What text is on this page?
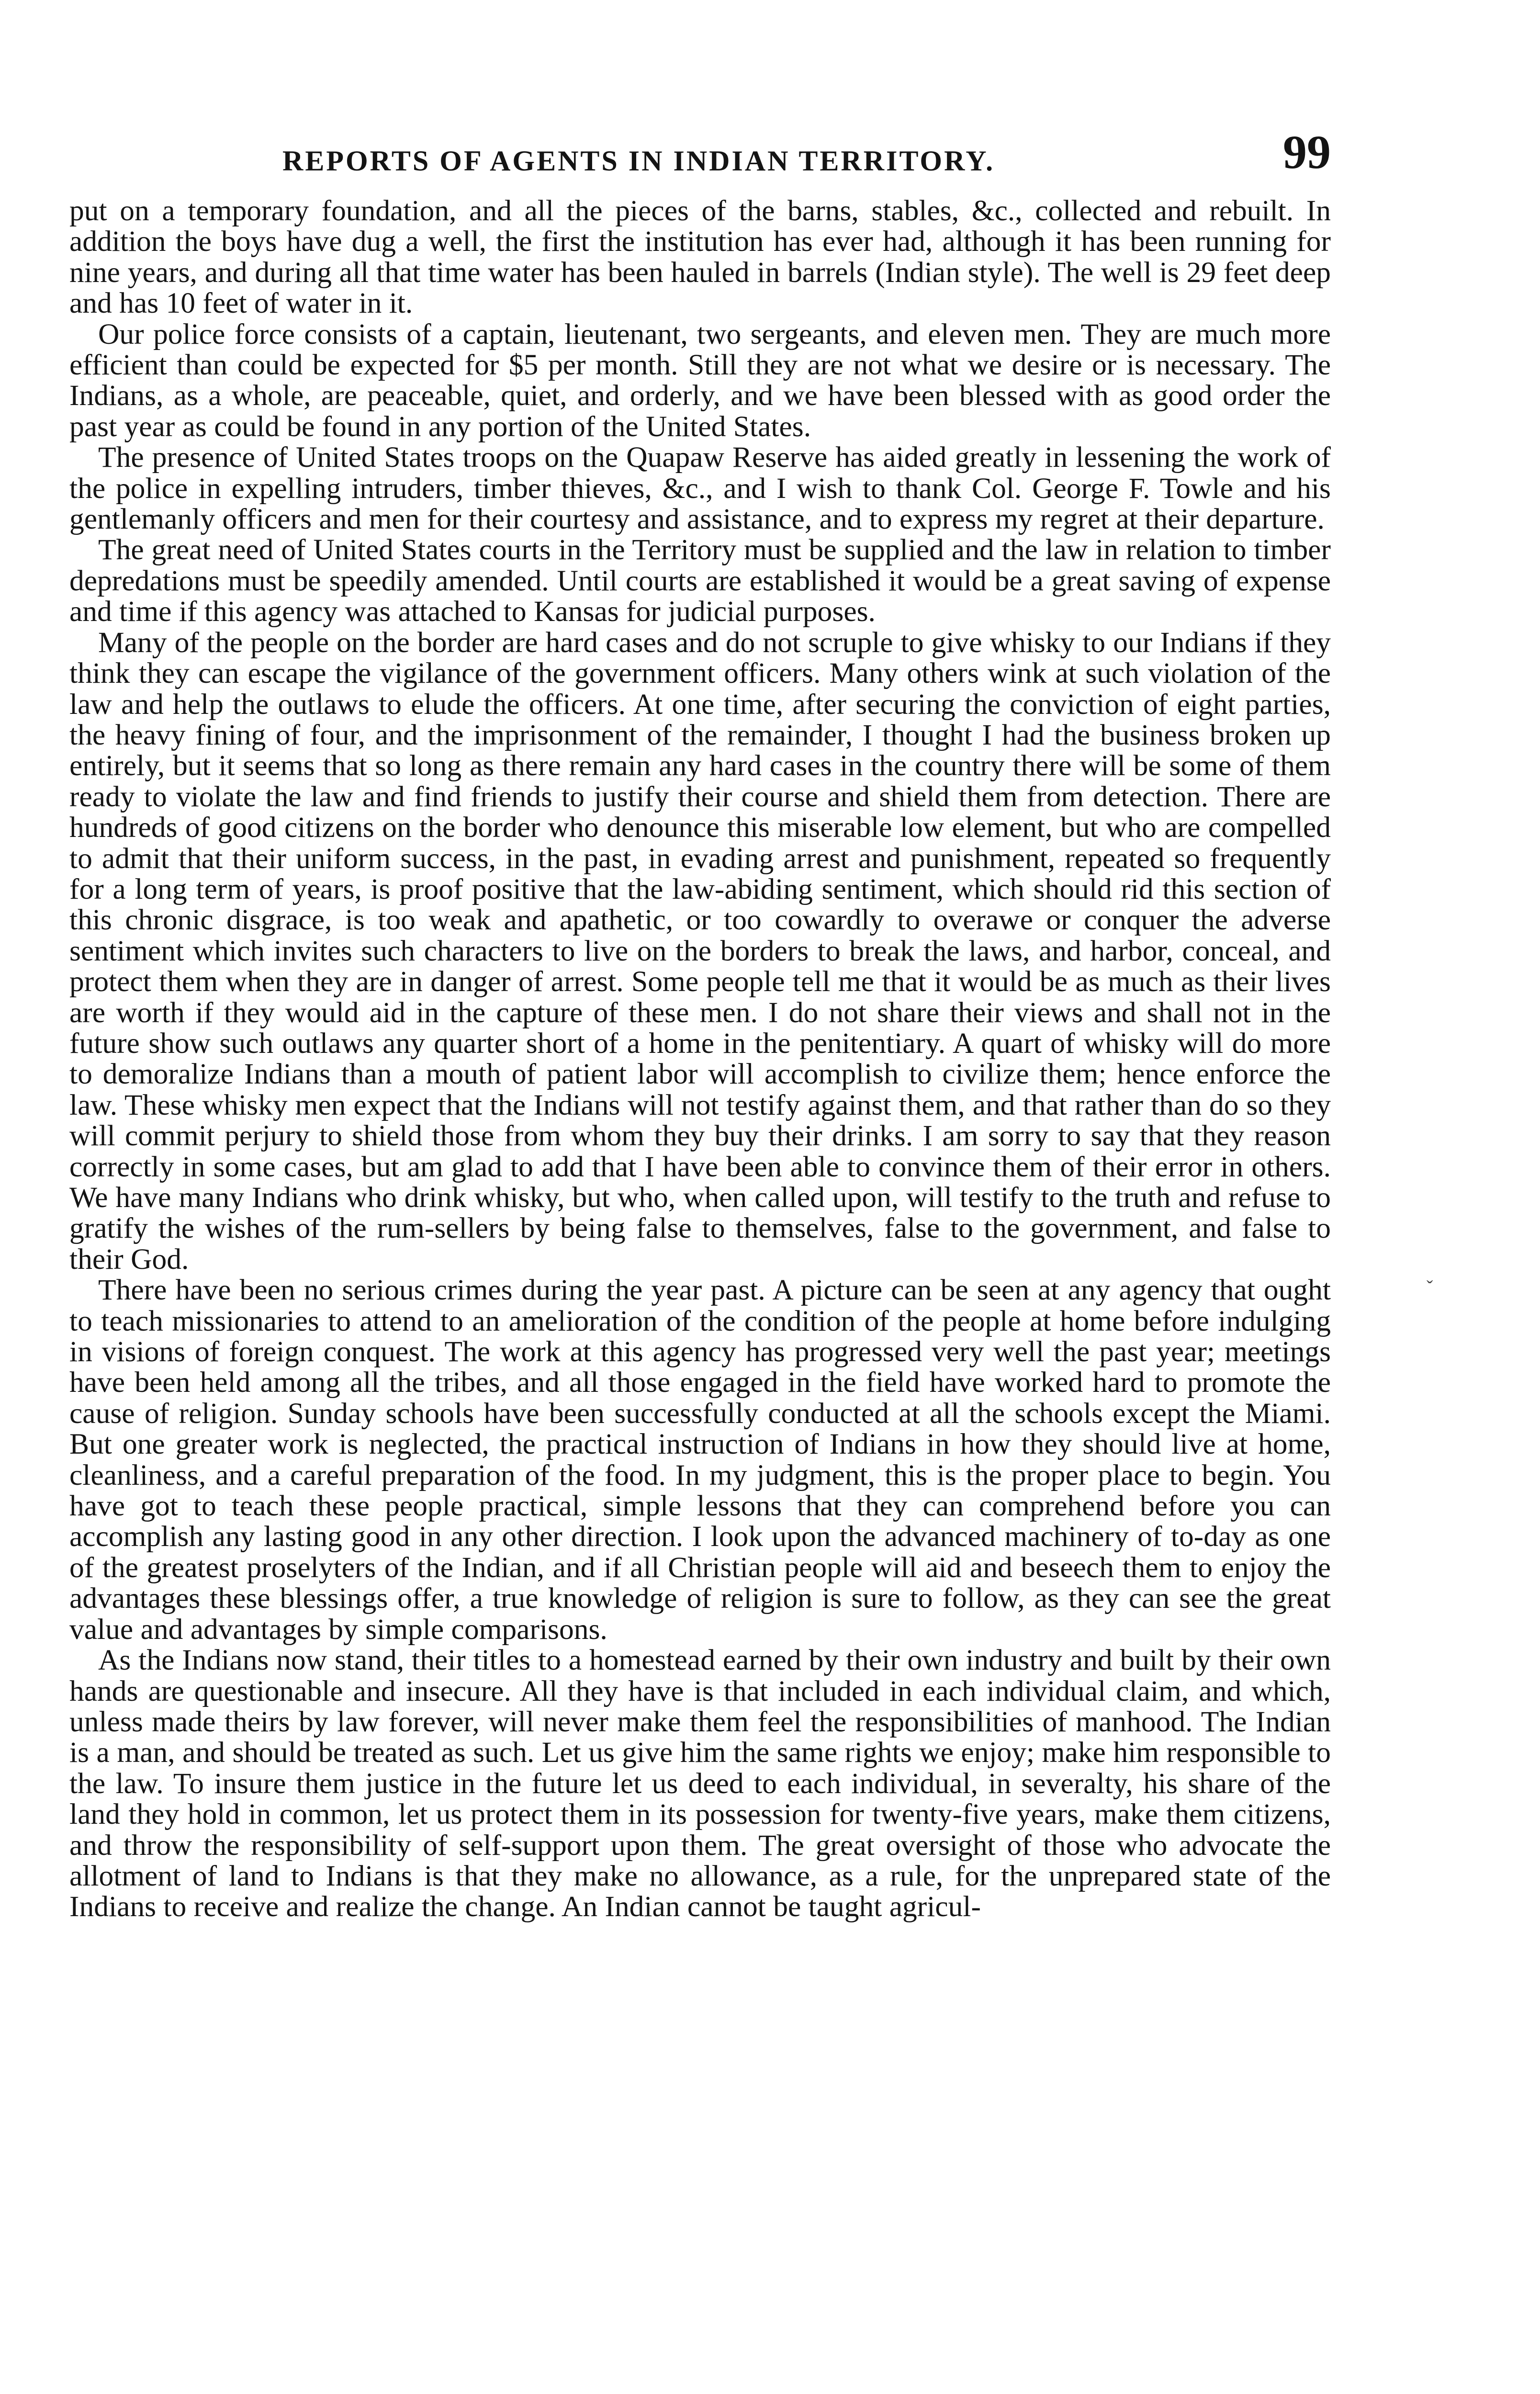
REPORTS OF AGENTS IN INDIAN TERRITORY.	99

put on a temporary foundation, and all the pieces of the barns, stables, &c., collected and rebuilt. In addition the boys have dug a well, the first the institution has ever had, although it has been running for nine years, and during all that time water has been hauled in barrels (Indian style). The well is 29 feet deep and has 10 feet of water in it.

Our police force consists of a captain, lieutenant, two sergeants, and eleven men. They are much more efficient than could be expected for $5 per month. Still they are not what we desire or is necessary. The Indians, as a whole, are peaceable, quiet, and orderly, and we have been blessed with as good order the past year as could be found in any portion of the United States.

The presence of United States troops on the Quapaw Reserve has aided greatly in lessening the work of the police in expelling intruders, timber thieves, &c., and I wish to thank Col. George F. Towle and his gentlemanly officers and men for their courtesy and assistance, and to express my regret at their departure.

The great need of United States courts in the Territory must be supplied and the law in relation to timber depredations must be speedily amended. Until courts are established it would be a great saving of expense and time if this agency was attached to Kansas for judicial purposes.

Many of the people on the border are hard cases and do not scruple to give whisky to our Indians if they think they can escape the vigilance of the government officers. Many others wink at such violation of the law and help the outlaws to elude the officers. At one time, after securing the conviction of eight parties, the heavy fining of four, and the imprisonment of the remainder, I thought I had the business broken up entirely, but it seems that so long as there remain any hard cases in the country there will be some of them ready to violate the law and find friends to justify their course and shield them from detection. There are hundreds of good citizens on the border who denounce this miserable low element, but who are compelled to admit that their uniform success, in the past, in evading arrest and punishment, repeated so frequently for a long term of years, is proof positive that the law-abiding sentiment, which should rid this section of this chronic disgrace, is too weak and apathetic, or too cowardly to overawe or conquer the adverse sentiment which invites such characters to live on the borders to break the laws, and harbor, conceal, and protect them when they are in danger of arrest. Some people tell me that it would be as much as their lives are worth if they would aid in the capture of these men. I do not share their views and shall not in the future show such outlaws any quarter short of a home in the penitentiary. A quart of whisky will do more to demoralize Indians than a mouth of patient labor will accomplish to civilize them; hence enforce the law. These whisky men expect that the Indians will not testify against them, and that rather than do so they will commit perjury to shield those from whom they buy their drinks. I am sorry to say that they reason correctly in some cases, but am glad to add that I have been able to convince them of their error in others. We have many Indians who drink whisky, but who, when called upon, will testify to the truth and refuse to gratify the wishes of the rum-sellers by being false to themselves, false to the government, and false to their God.

There have been no serious crimes during the year past. A picture can be seen at any agency that ought to teach missionaries to attend to an amelioration of the condition of the people at home before indulging in visions of foreign conquest. The work at this agency has progressed very well the past year; meetings have been held among all the tribes, and all those engaged in the field have worked hard to promote the cause of religion. Sunday schools have been successfully conducted at all the schools except the Miami. But one greater work is neglected, the practical instruction of Indians in how they should live at home, cleanliness, and a careful preparation of the food. In my judgment, this is the proper place to begin. You have got to teach these people practical, simple lessons that they can comprehend before you can accomplish any lasting good in any other direction. I look upon the advanced machinery of to-day as one of the greatest proselyters of the Indian, and if all Christian people will aid and beseech them to enjoy the advantages these blessings offer, a true knowledge of religion is sure to follow, as they can see the great value and advantages by simple comparisons.

As the Indians now stand, their titles to a homestead earned by their own industry and built by their own hands are questionable and insecure. All they have is that included in each individual claim, and which, unless made theirs by law forever, will never make them feel the responsibilities of manhood. The Indian is a man, and should be treated as such. Let us give him the same rights we enjoy; make him responsible to the law. To insure them justice in the future let us deed to each individual, in severalty, his share of the land they hold in common, let us protect them in its possession for twenty-five years, make them citizens, and throw the responsibility of self-support upon them. The great oversight of those who advocate the allotment of land to Indians is that they make no allowance, as a rule, for the unprepared state of the Indians to receive and realize the change. An Indian cannot be taught agricul-

ˇ
